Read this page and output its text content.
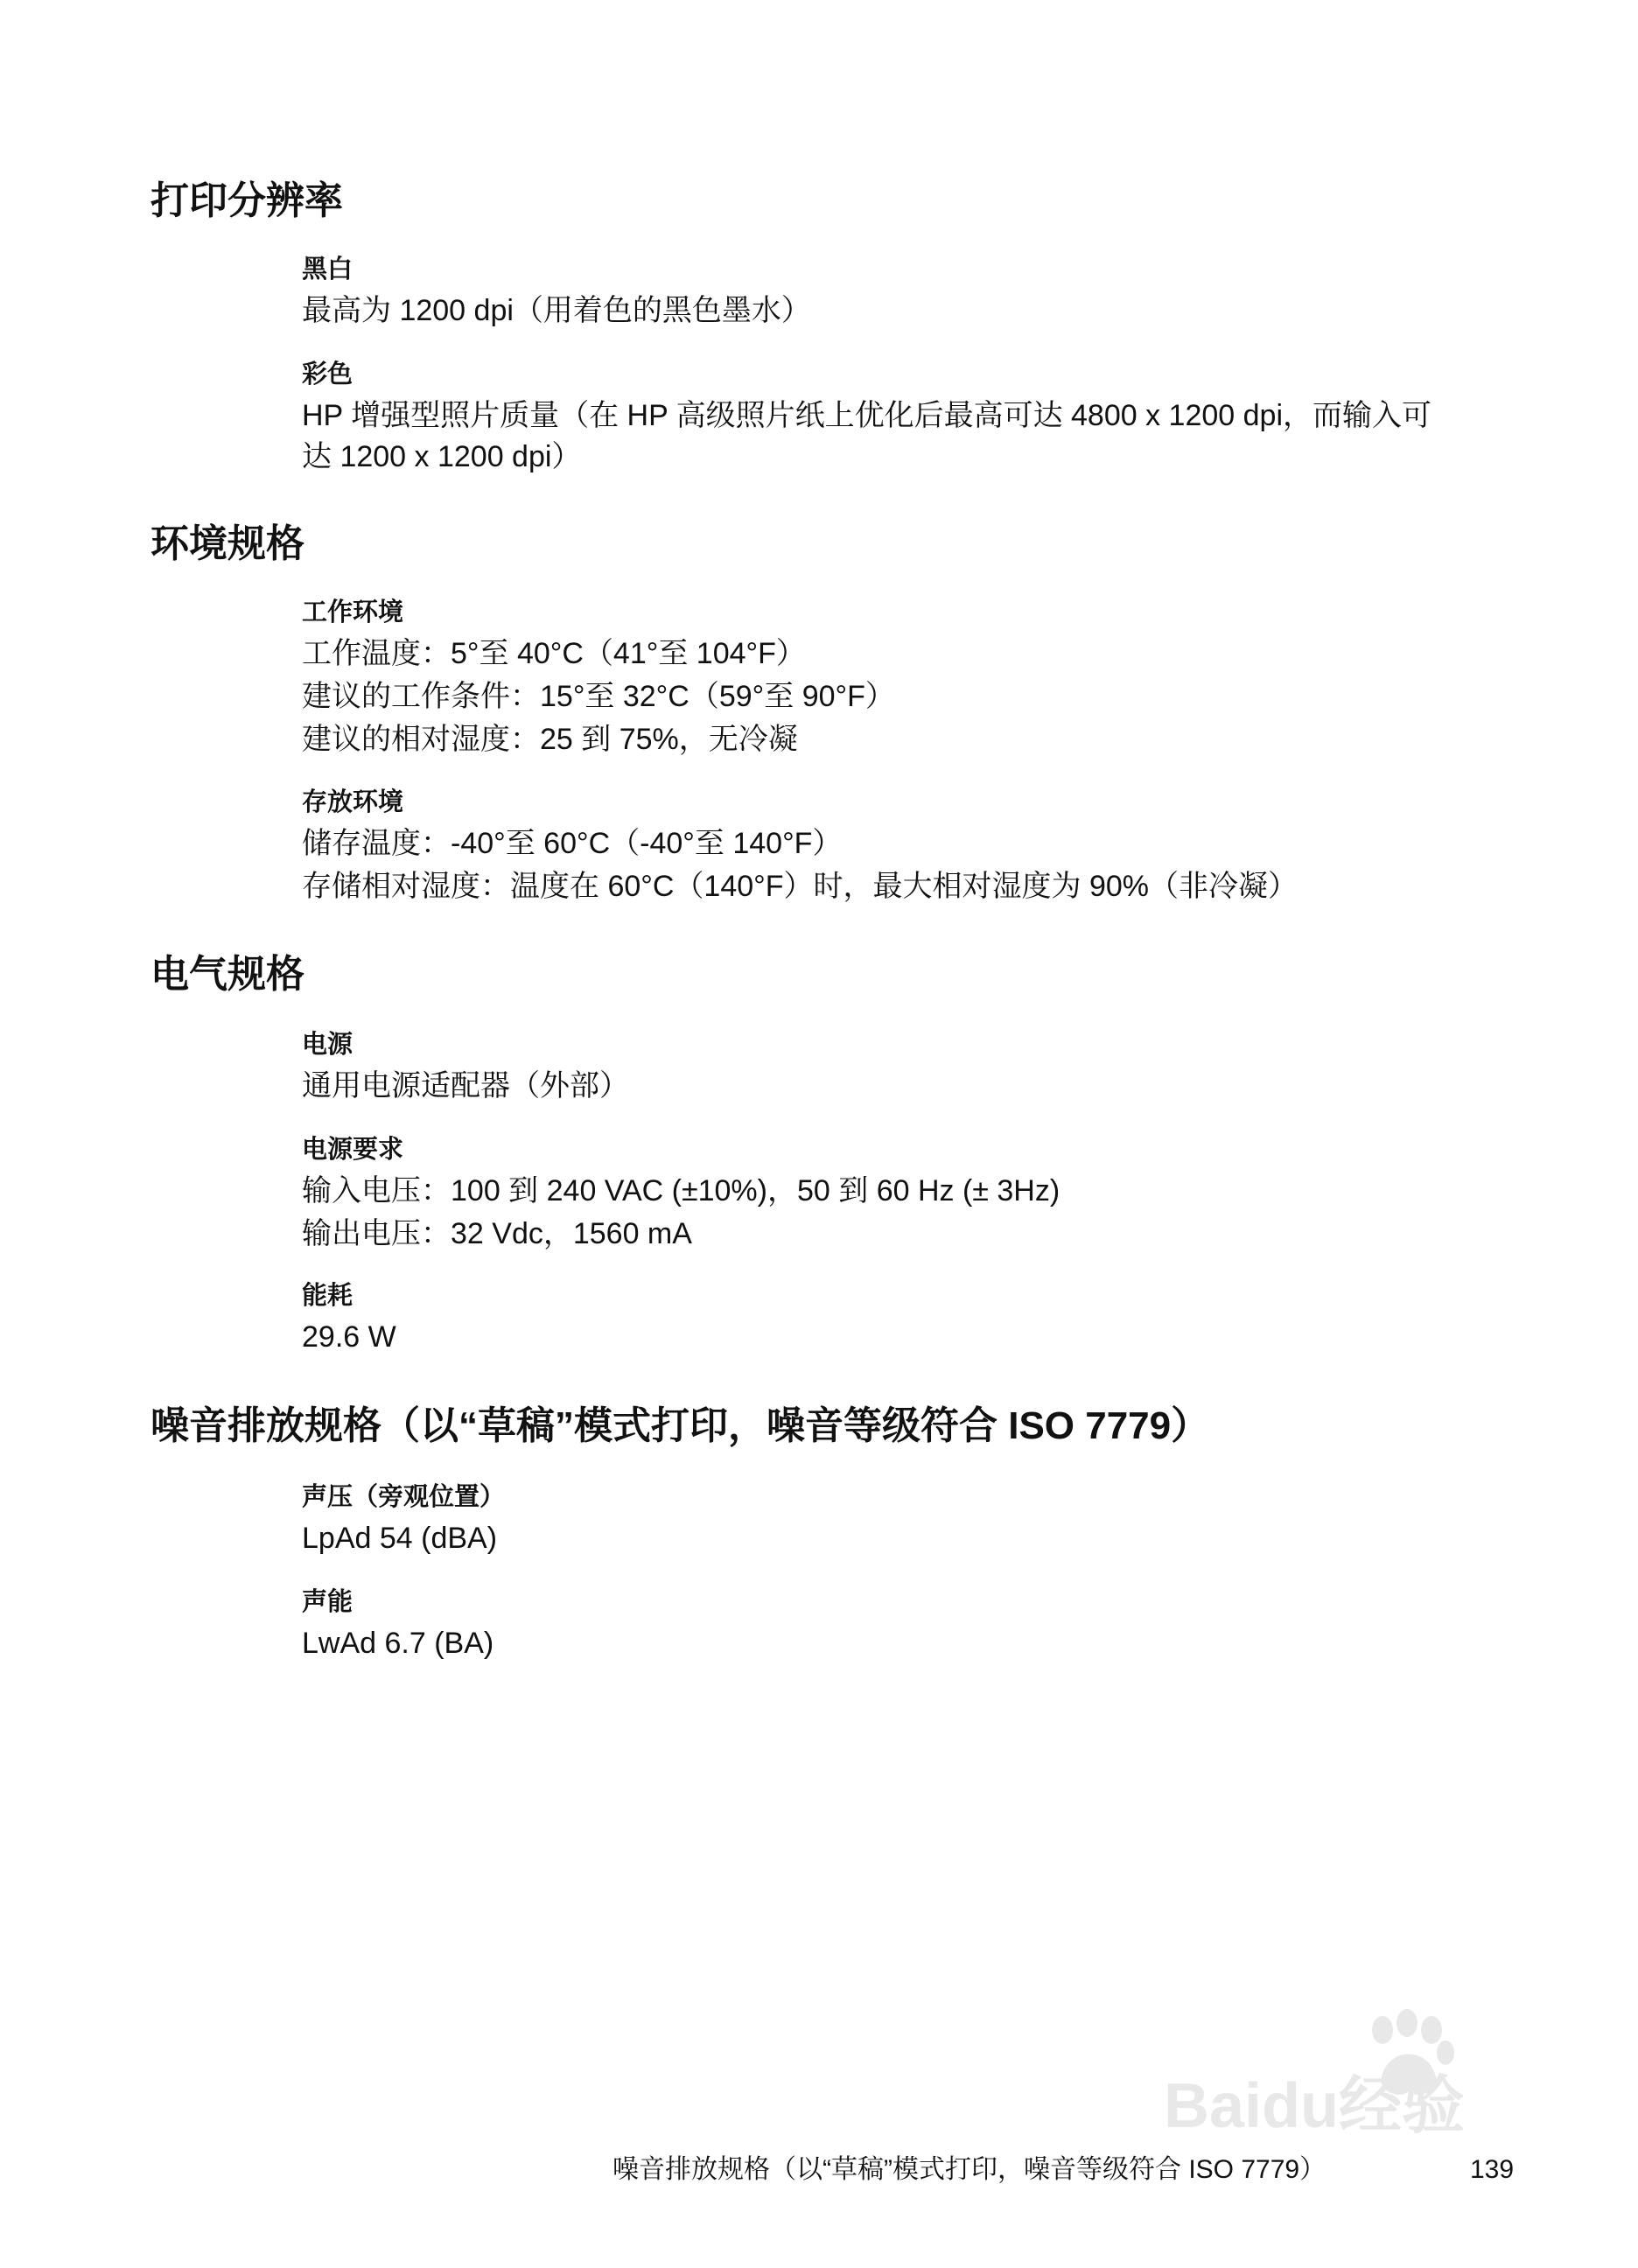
打印分辨率
黑白
最高为 1200 dpi（用着色的黑色墨水）
彩色
HP 增强型照片质量（在 HP 高级照片纸上优化后最高可达 4800 x 1200 dpi，而输入可
达 1200 x 1200 dpi）
环境规格
工作环境
工作温度：5°至 40°C（41°至 104°F）
建议的工作条件：15°至 32°C（59°至 90°F）
建议的相对湿度：25 到 75%，无冷凝
存放环境
储存温度：-40°至 60°C（-40°至 140°F）
存储相对湿度：温度在 60°C（140°F）时，最大相对湿度为 90%（非冷凝）
电气规格
电源
通用电源适配器（外部）
电源要求
输入电压：100 到 240 VAC (±10%)，50 到 60 Hz (± 3Hz)
输出电压：32 Vdc，1560 mA
能耗
29.6 W
噪音排放规格（以“草稿”模式打印，噪音等级符合 ISO 7779）
声压（旁观位置）
LpAd 54 (dBA)
声能
LwAd 6.7 (BA)
Baidu经验
噪音排放规格（以“草稿”模式打印，噪音等级符合 ISO 7779）	139
